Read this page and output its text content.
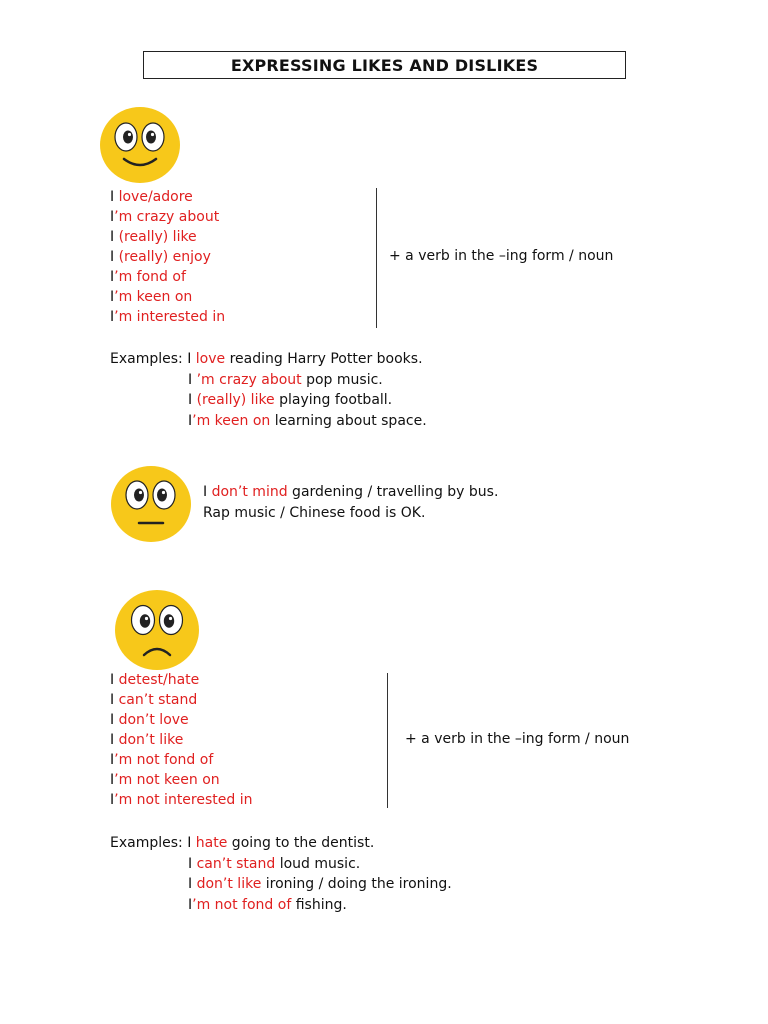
EXPRESSING LIKES AND DISLIKES
I love/adore
I’m crazy about
I (really) like
I (really) enjoy
I’m fond of
I’m keen on
I’m interested in
+ a verb in the –ing form / noun
Examples: I love reading Harry Potter books.
I ’m crazy about pop music.
I (really) like playing football.
I’m keen on learning about space.
I don’t mind gardening / travelling by bus.
Rap music / Chinese food is OK.
I detest/hate
I can’t stand
I don’t love
I don’t like
I’m not fond of
I’m not keen on
I’m not interested in
+ a verb in the –ing form / noun
Examples: I hate going to the dentist.
I can’t stand loud music.
I don’t like ironing / doing the ironing.
I’m not fond of fishing.
